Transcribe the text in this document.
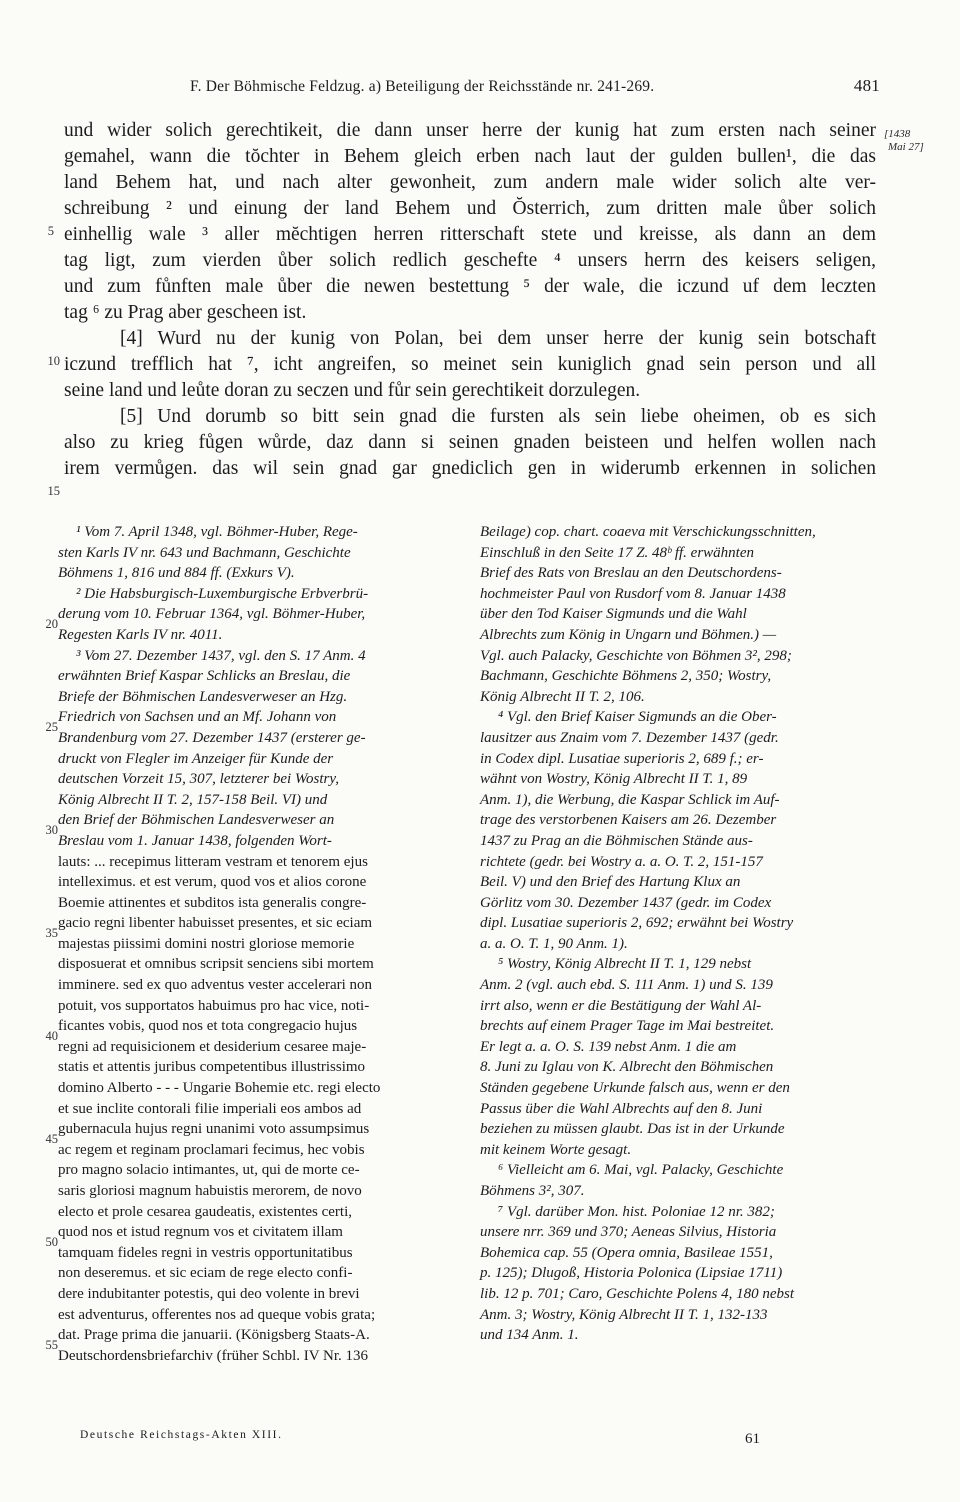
F. Der Böhmische Feldzug. a) Beteiligung der Reichsstände nr. 241-269.	481
[1438
Mai 27]
und wider solich gerechtikeit, die dann unser herre der kunig hat zum ersten nach seiner
gemahel, wann die tŏchter in Behem gleich erben nach laut der gulden bullen¹, die das
land Behem hat, und nach alter gewonheit, zum andern male wider solich alte ver-
schreibung ² und einung der land Behem und Ŏsterrich, zum dritten male ůber solich
einhellig wale ³ aller mĕchtigen herren ritterschaft stete und kreisse, als dann an dem
tag ligt, zum vierden ůber solich redlich geschefte ⁴ unsers herrn des keisers seligen,
und zum fůnften male ůber die newen bestettung ⁵ der wale, die iczund uf dem leczten
tag ⁶ zu Prag aber gescheen ist.
[4] Wurd nu der kunig von Polan, bei dem unser herre der kunig sein botschaft
iczund trefflich hat ⁷, icht angreifen, so meinet sein kuniglich gnad sein person und all
seine land und leůte doran zu seczen und fůr sein gerechtikeit dorzulegen.
[5] Und dorumb so bitt sein gnad die fursten als sein liebe oheimen, ob es sich
also zu krieg fůgen wůrde, daz dann si seinen gnaden beisteen und helfen wollen nach
irem vermůgen. das wil sein gnad gar gnediclich gen in widerumb erkennen in solichen
5
10
15
20
25
30
35
40
45
50
55
¹ Vom 7. April 1348, vgl. Böhmer-Huber, Rege-
sten Karls IV nr. 643 und Bachmann, Geschichte
Böhmens 1, 816 und 884 ff. (Exkurs V).
² Die Habsburgisch-Luxemburgische Erbverbrü-
derung vom 10. Februar 1364, vgl. Böhmer-Huber,
Regesten Karls IV nr. 4011.
³ Vom 27. Dezember 1437, vgl. den S. 17 Anm. 4
erwähnten Brief Kaspar Schlicks an Breslau, die
Briefe der Böhmischen Landesverweser an Hzg.
Friedrich von Sachsen und an Mf. Johann von
Brandenburg vom 27. Dezember 1437 (ersterer ge-
druckt von Flegler im Anzeiger für Kunde der
deutschen Vorzeit 15, 307, letzterer bei Wostry,
König Albrecht II T. 2, 157-158 Beil. VI) und
den Brief der Böhmischen Landesverweser an
Breslau vom 1. Januar 1438, folgenden Wort-
lauts: ... recepimus litteram vestram et tenorem ejus
intelleximus. et est verum, quod vos et alios corone
Boemie attinentes et subditos ista generalis congre-
gacio regni libenter habuisset presentes, et sic eciam
majestas piissimi domini nostri gloriose memorie
disposuerat et omnibus scripsit senciens sibi mortem
imminere. sed ex quo adventus vester accelerari non
potuit, vos supportatos habuimus pro hac vice, noti-
ficantes vobis, quod nos et tota congregacio hujus
regni ad requisicionem et desiderium cesaree maje-
statis et attentis juribus competentibus illustrissimo
domino Alberto - - - Ungarie Bohemie etc. regi electo
et sue inclite contorali filie imperiali eos ambos ad
gubernacula hujus regni unanimi voto assumpsimus
ac regem et reginam proclamari fecimus, hec vobis
pro magno solacio intimantes, ut, qui de morte ce-
saris gloriosi magnum habuistis merorem, de novo
electo et prole cesarea gaudeatis, existentes certi,
quod nos et istud regnum vos et civitatem illam
tamquam fideles regni in vestris opportunitatibus
non deseremus. et sic eciam de rege electo confi-
dere indubitanter potestis, qui deo volente in brevi
est adventurus, offerentes nos ad queque vobis grata;
dat. Prage prima die januarii. (Königsberg Staats-A.
Deutschordensbriefarchiv (früher Schbl. IV Nr. 136
Beilage) cop. chart. coaeva mit Verschickungsschnitten,
Einschluß in den Seite 17 Z. 48ᵇ ff. erwähnten
Brief des Rats von Breslau an den Deutschordens-
hochmeister Paul von Rusdorf vom 8. Januar 1438
über den Tod Kaiser Sigmunds und die Wahl
Albrechts zum König in Ungarn und Böhmen.) —
Vgl. auch Palacky, Geschichte von Böhmen 3², 298;
Bachmann, Geschichte Böhmens 2, 350; Wostry,
König Albrecht II T. 2, 106.
⁴ Vgl. den Brief Kaiser Sigmunds an die Ober-
lausitzer aus Znaim vom 7. Dezember 1437 (gedr.
in Codex dipl. Lusatiae superioris 2, 689 f.; er-
wähnt von Wostry, König Albrecht II T. 1, 89
Anm. 1), die Werbung, die Kaspar Schlick im Auf-
trage des verstorbenen Kaisers am 26. Dezember
1437 zu Prag an die Böhmischen Stände aus-
richtete (gedr. bei Wostry a. a. O. T. 2, 151-157
Beil. V) und den Brief des Hartung Klux an
Görlitz vom 30. Dezember 1437 (gedr. im Codex
dipl. Lusatiae superioris 2, 692; erwähnt bei Wostry
a. a. O. T. 1, 90 Anm. 1).
⁵ Wostry, König Albrecht II T. 1, 129 nebst
Anm. 2 (vgl. auch ebd. S. 111 Anm. 1) und S. 139
irrt also, wenn er die Bestätigung der Wahl Al-
brechts auf einem Prager Tage im Mai bestreitet.
Er legt a. a. O. S. 139 nebst Anm. 1 die am
8. Juni zu Iglau von K. Albrecht den Böhmischen
Ständen gegebene Urkunde falsch aus, wenn er den
Passus über die Wahl Albrechts auf den 8. Juni
beziehen zu müssen glaubt. Das ist in der Urkunde
mit keinem Worte gesagt.
⁶ Vielleicht am 6. Mai, vgl. Palacky, Geschichte
Böhmens 3², 307.
⁷ Vgl. darüber Mon. hist. Poloniae 12 nr. 382;
unsere nrr. 369 und 370; Aeneas Silvius, Historia
Bohemica cap. 55 (Opera omnia, Basileae 1551,
p. 125); Dlugoß, Historia Polonica (Lipsiae 1711)
lib. 12 p. 701; Caro, Geschichte Polens 4, 180 nebst
Anm. 3; Wostry, König Albrecht II T. 1, 132-133
und 134 Anm. 1.
Deutsche Reichstags-Akten XIII.	61
